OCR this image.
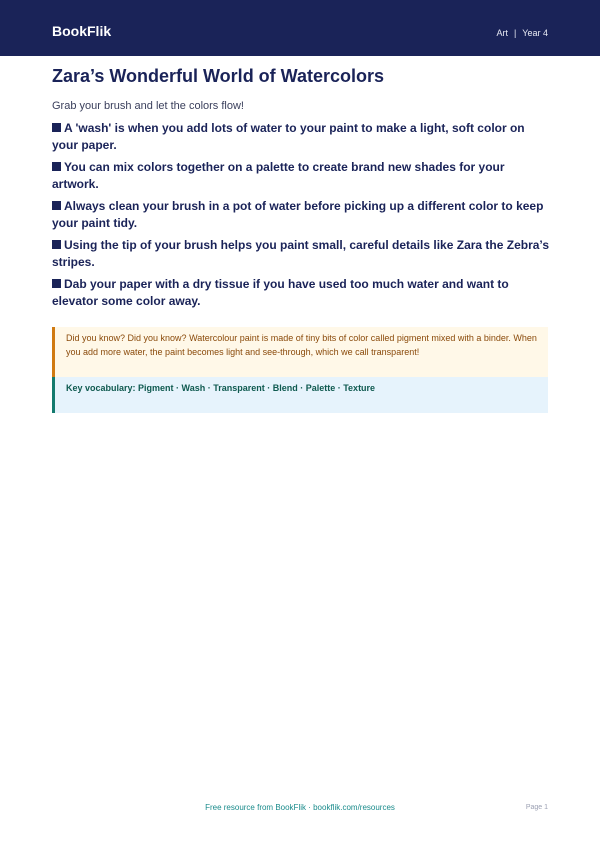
BookFlik	Art | Year 4
Zara’s Wonderful World of Watercolors
Grab your brush and let the colors flow!
A 'wash' is when you add lots of water to your paint to make a light, soft color on your paper.
You can mix colors together on a palette to create brand new shades for your artwork.
Always clean your brush in a pot of water before picking up a different color to keep your paint tidy.
Using the tip of your brush helps you paint small, careful details like Zara the Zebra’s stripes.
Dab your paper with a dry tissue if you have used too much water and want to elevator some color away.
Did you know? Did you know? Watercolour paint is made of tiny bits of color called pigment mixed with a binder. When you add more water, the paint becomes light and see-through, which we call transparent!
Key vocabulary: Pigment · Wash · Transparent · Blend · Palette · Texture
Free resource from BookFlik · bookflik.com/resources	Page 1
